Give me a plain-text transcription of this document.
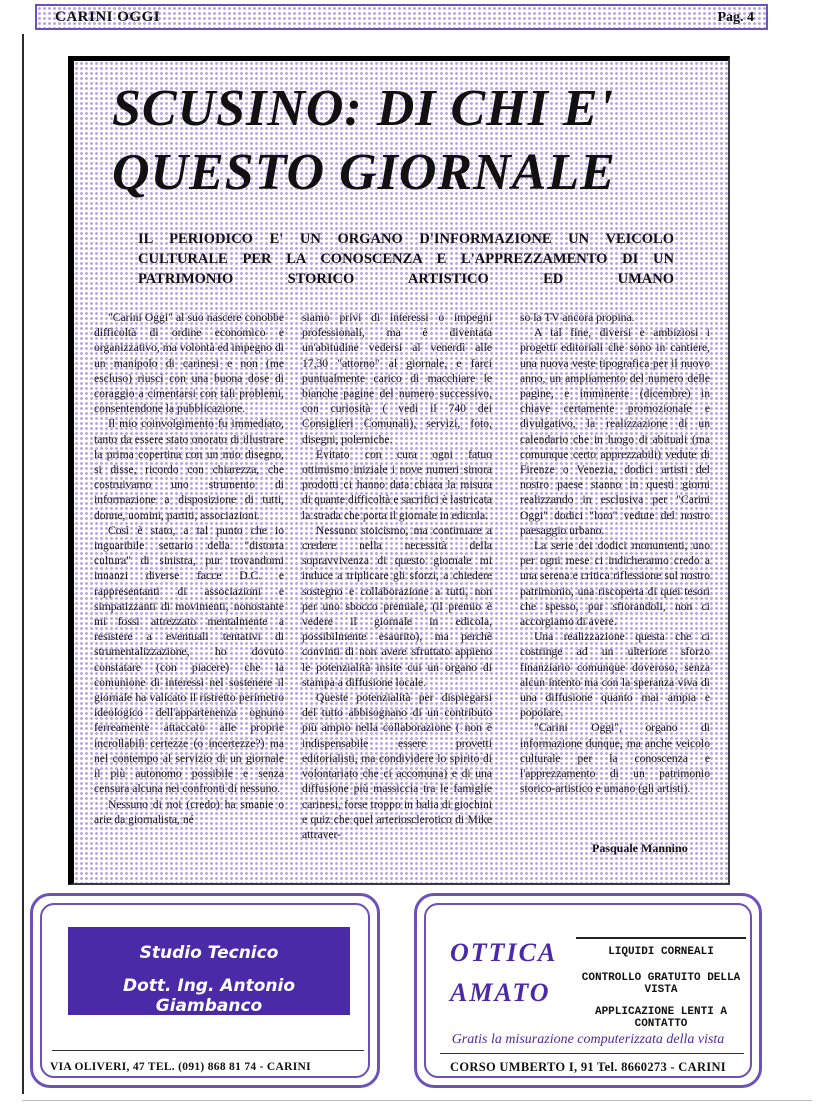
CARINI OGGI	Pag. 4
SCUSINO: DI CHI E'
QUESTO GIORNALE
IL PERIODICO E' UN ORGANO D'INFORMAZIONE UN VEICOLO CULTURALE PER LA CONOSCENZA E L'APPREZZAMENTO DI UN PATRIMONIO STORICO ARTISTICO ED UMANO

"Carini Oggi" al suo nascere conobbe difficoltà di ordine economico e organizzativo, ma volontà ed impegno di un manipolo di carinesi e non (me escluso) riuscì con una buona dose di coraggio a cimentarsi con tali problemi, consentendone la pubblicazione.

Il mio coinvolgimento fu immediato, tanto da essere stato onorato di illustrare la prima copertina con un mio disegno, si disse, ricordo con chiarezza, che costruivamo uno strumento di informazione a disposizione di tutti, donne, uomini, partiti, associazioni.

Così è stato, a tal punto che io inguaribile settario della "distorta cultura" di sinistra, pur trovandomi innanzi diverse facce D.C. e rappresentanti di associazioni e simpatizzanti di movimenti, nonostante mi fossi attrezzato mentalmente a resistere a eventuali tentativi di strumentalizzazione, ho dovuto constatare (con piacere) che la comunione di interessi nel sostenere il giornale ha valicato il ristretto perimetro ideologico dell'appartenenza ognuno ferreamente attaccato alle proprie incrollabili certezze (o incertezze?) ma nel contempo al servizio di un giornale il più autonomo possibile e senza censura alcuna nei confronti di nessuno.

Nessuno di noi (credo) ha smanie o arie da giornalista, né

siamo privi di interessi o impegni professionali, ma è diventata un'abitudine vedersi al venerdì alle 17,30 "attorno" al giornale, e farci puntualmente carico di macchiare le bianche pagine del numero successivo, con curiosità ( vedi il 740 dei Consiglieri Comunali), servizi, foto, disegni, polemiche.

Evitato con cura ogni fatuo ottimismo iniziale i nove numeri sinora prodotti ci hanno data chiara la misura di quante difficoltà e sacrifici è lastricata la strada che porta il giornale in edicola.

Nessuno stoicismo, ma continuare a credere nella necessità della sopravvivenza di questo giornale mi induce a triplicare gli sforzi, a chiedere sostegno e collaborazione a tutti, non per uno sbocco premiale, (il premio è vedere il giornale in edicola, possibilmente esaurito), ma perchè convinti di non avere sfruttato appieno le potenzialità insite cui un organo di stampa a diffusione locale.

Queste potenzialità per dispiegarsi del tutto abbisognano di un contributo più ampio nella collaborazione ( non è indispensabile essere provetti editorialisti, ma condividere lo spirito di volontariato che ci accomuna) e di una diffusione più massiccia tra le famiglie carinesi, forse troppo in balia di giochini e quiz che quel arteriosclerotico di Mike attraver-

so la TV ancora propina.

A tal fine, diversi e ambiziosi i progetti editoriali che sono in cantiere, una nuova veste tipografica per il nuovo anno, un ampliamento del numero delle pagine, e imminente (dicembre) in chiave certamente promozionale e divulgativo, la realizzazione di un calendario che in luogo di abituali (ma comunque certo apprezzabili) vedute di Firenze o Venezia, dodici artisti del nostro paese stanno in questi giorni realizzando in esclusiva per "Carini Oggi" dodici "loro" vedute del nostro paesaggio urbano.

La serie dei dodici monumenti, uno per ogni mese ci indicheranno credo a una serena e critica riflessione sul nostro patrimonio, una riscoperta di quei tesori che spesso, pur sfiorandoli, non ci accorgiamo di avere.

Una realizzazione questa che ci costringe ad un ulteriore sforzo finanziario comunque doveroso, senza alcun intento ma con la speranza viva di una diffusione quanto mai ampia e popolare.

"Carini Oggi", organo di informazione dunque, ma anche veicolo culturale per la conoscenza e l'apprezzamento di un patrimonio storico-artistico e umano (gli artisti).

Pasquale Mannino
Studio Tecnico
Dott. Ing. Antonio Giambanco
VIA OLIVERI, 47 TEL. (091) 868 81 74 - CARINI
OTTICA
AMATO
LIQUIDI CORNEALI
CONTROLLO GRATUITO DELLA VISTA
APPLICAZIONE LENTI A CONTATTO
Gratis la misurazione computerizzata della vista
CORSO UMBERTO I, 91 Tel. 8660273 - CARINI
